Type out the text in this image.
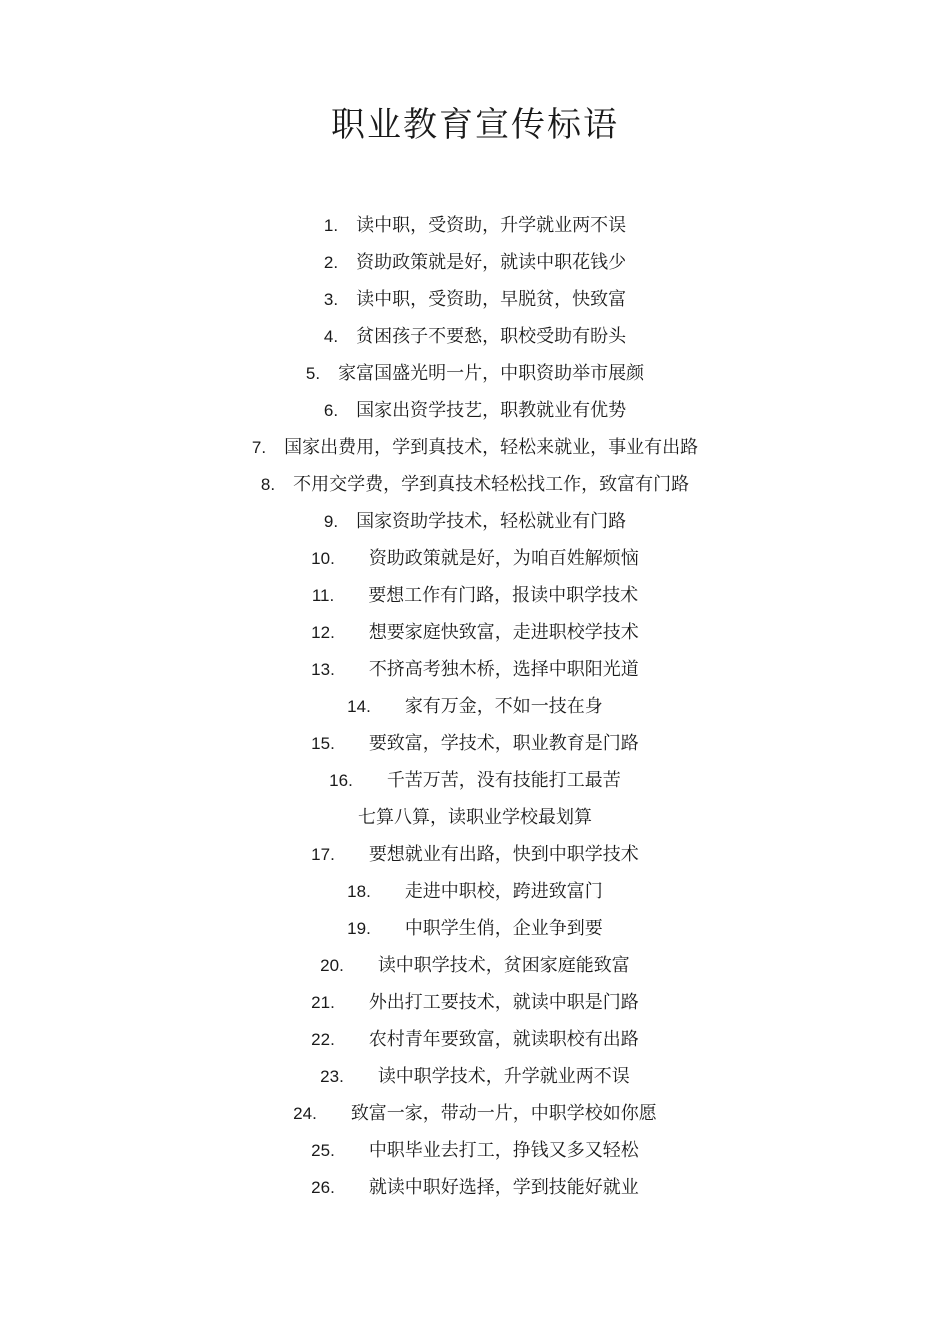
职业教育宣传标语
1. 读中职，受资助，升学就业两不误
2. 资助政策就是好，就读中职花钱少
3. 读中职，受资助，早脱贫，快致富
4. 贫困孩子不要愁，职校受助有盼头
5. 家富国盛光明一片，中职资助举市展颜
6. 国家出资学技艺，职教就业有优势
7. 国家出费用，学到真技术，轻松来就业，事业有出路
8. 不用交学费，学到真技术轻松找工作，致富有门路
9. 国家资助学技术，轻松就业有门路
10. 资助政策就是好，为咱百姓解烦恼
11. 要想工作有门路，报读中职学技术
12. 想要家庭快致富，走进职校学技术
13. 不挤高考独木桥，选择中职阳光道
14. 家有万金，不如一技在身
15. 要致富，学技术，职业教育是门路
16. 千苦万苦，没有技能打工最苦
七算八算，读职业学校最划算
17. 要想就业有出路，快到中职学技术
18. 走进中职校，跨进致富门
19. 中职学生俏，企业争到要
20. 读中职学技术，贫困家庭能致富
21. 外出打工要技术，就读中职是门路
22. 农村青年要致富，就读职校有出路
23. 读中职学技术，升学就业两不误
24. 致富一家，带动一片，中职学校如你愿
25. 中职毕业去打工，挣钱又多又轻松
26. 就读中职好选择，学到技能好就业
